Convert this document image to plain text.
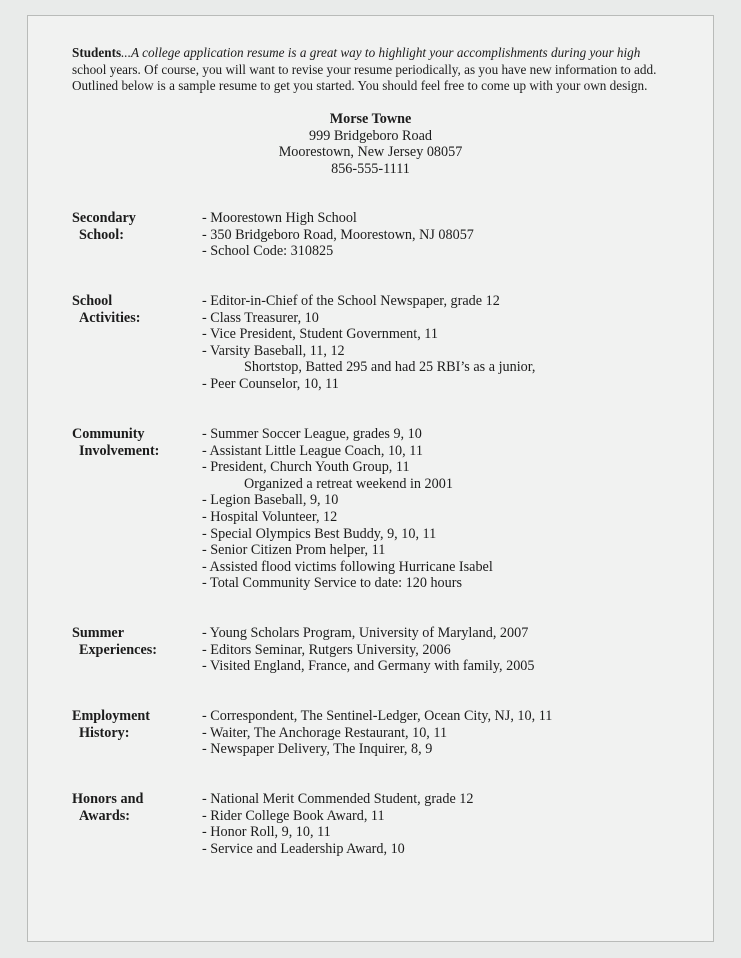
Students...A college application resume is a great way to highlight your accomplishments during your high
school years. Of course, you will want to revise your resume periodically, as you have new information to add.
Outlined below is a sample resume to get you started. You should feel free to come up with your own design.
Morse Towne
999 Bridgeboro Road
Moorestown, New Jersey 08057
856-555-1111
Secondary
School:
- Moorestown High School
- 350 Bridgeboro Road, Moorestown, NJ 08057
- School Code: 310825
School
Activities:
- Editor-in-Chief of the School Newspaper, grade 12
- Class Treasurer, 10
- Vice President, Student Government, 11
- Varsity Baseball, 11, 12
Shortstop, Batted 295 and had 25 RBI’s as a junior,
- Peer Counselor, 10, 11
Community
Involvement:
- Summer Soccer League, grades 9, 10
- Assistant Little League Coach, 10, 11
- President, Church Youth Group, 11
Organized a retreat weekend in 2001
- Legion Baseball, 9, 10
- Hospital Volunteer, 12
- Special Olympics Best Buddy, 9, 10, 11
- Senior Citizen Prom helper, 11
- Assisted flood victims following Hurricane Isabel
- Total Community Service to date: 120 hours
Summer
Experiences:
- Young Scholars Program, University of Maryland, 2007
- Editors Seminar, Rutgers University, 2006
- Visited England, France, and Germany with family, 2005
Employment
History:
- Correspondent, The Sentinel-Ledger, Ocean City, NJ, 10, 11
- Waiter, The Anchorage Restaurant, 10, 11
- Newspaper Delivery, The Inquirer, 8, 9
Honors and
Awards:
- National Merit Commended Student, grade 12
- Rider College Book Award, 11
- Honor Roll, 9, 10, 11
- Service and Leadership Award, 10
